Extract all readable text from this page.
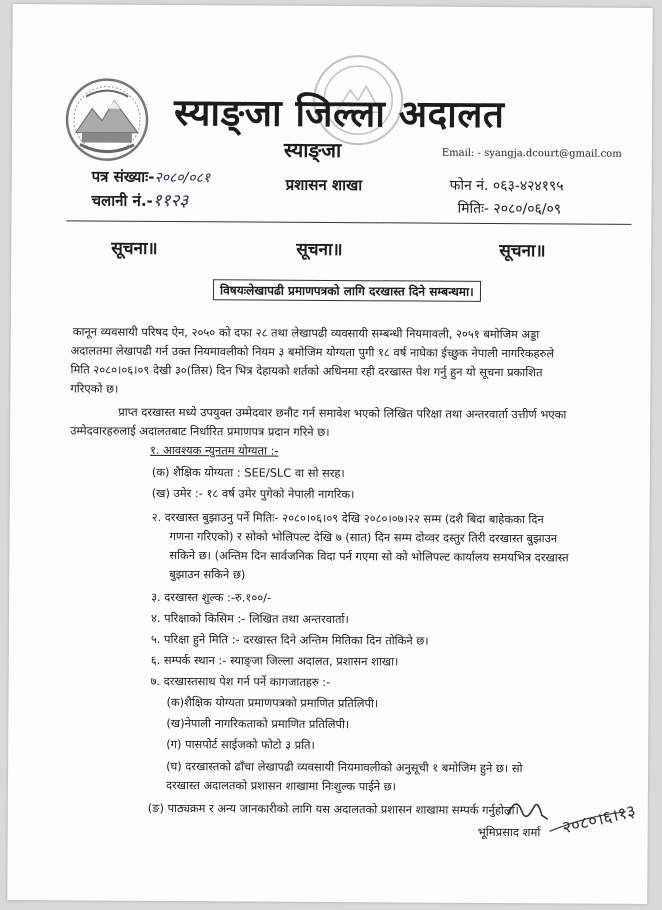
स्याङ्जा जिल्ला अदालत
स्याङ्जा	Email: - syangja.dcourt@gmail.com
पत्र संख्याः-२०८०/०८१
चलानी नं.-११२३
प्रशासन शाखा	फोन नं. ०६३-४२४१९५
मितिः- २०८०/०६/०९
सूचना॥	सूचना॥	सूचना॥
विषयःलेखापढी प्रमाणपत्रको लागि दरखास्त दिने सम्बन्धमा।
कानून व्यवसायी परिषद ऐन, २०५० को दफा २८ तथा लेखापढी व्यवसायी सम्बन्धी नियमावली, २०५१ बमोजिम अड्डा
अदालतमा लेखापढी गर्न उक्त नियमावलीको नियम ३ बमोजिम योग्यता पुगी १८ वर्ष नाघेका ईच्छुक नेपाली नागरिकहरुले
मिति २०८०।०६।०९ देखी ३०(तिस) दिन भित्र देहायको शर्तको अधिनमा रही दरखास्त पेश गर्नु हुन यो सूचना प्रकाशित
गरिएको छ।
प्राप्त दरखास्त मध्ये उपयुक्त उम्मेदवार छनौट गर्न समावेश भएको लिखित परिक्षा तथा अन्तरवार्ता उत्तीर्ण भएका
उम्मेदवारहरुलाई अदालतबाट निर्धारित प्रमाणपत्र प्रदान गरिने छ।
१. आवश्यक न्युनतम योग्यता :-
(क) शैक्षिक योग्यता : SEE/SLC वा सो सरह।
(ख) उमेर :- १८ वर्ष उमेर पुगेको नेपाली नागरिक।
२. दरखास्त बुझाउनु पर्ने मितिः- २०८०।०६।०९ देखि २०८०।०७।२२ सम्म (दशै बिदा बाहेकका दिन
गणना गरिएको) र सोको भोलिपल्ट देखि ७ (सात) दिन सम्म दोव्वर दस्तुर तिरी दरखास्त बुझाउन
सकिने छ। (अन्तिम दिन सार्वजनिक विदा पर्न गएमा सो को भोलिपल्ट कार्यालय समयभित्र दरखास्त
बुझाउन सकिने छ)
३. दरखास्त शुल्क :-रु.१००/-
४. परिक्षाको किसिम :- लिखित तथा अन्तरवार्ता।
५. परिक्षा हुने मिति :- दरखास्त दिने अन्तिम मितिका दिन तोकिने छ।
६. सम्पर्क स्थान :- स्याङ्जा जिल्ला अदालत, प्रशासन शाखा।
७. दरखास्तसाथ पेश गर्न पर्ने कागजातहरु :-
(क)शैक्षिक योग्यता प्रमाणपत्रको प्रमाणित प्रतिलिपी।
(ख)नेपाली नागरिकताको प्रमाणित प्रतिलिपी।
(ग) पासपोर्ट साईजको फोटो ३ प्रति।
(घ) दरखास्तको ढाँचा लेखापढी व्यवसायी नियमावलीको अनुसूची १ बमोजिम हुने छ। सो
दरखास्त अदालतको प्रशासन शाखामा निःशुल्क पाईने छ।
(ङ) पाठ्यक्रम र अन्य जानकारीको लागि यस अदालतको प्रशासन शाखामा सम्पर्क गर्नुहोला। २०८०।६।१३
भूमिप्रसाद शर्मा
